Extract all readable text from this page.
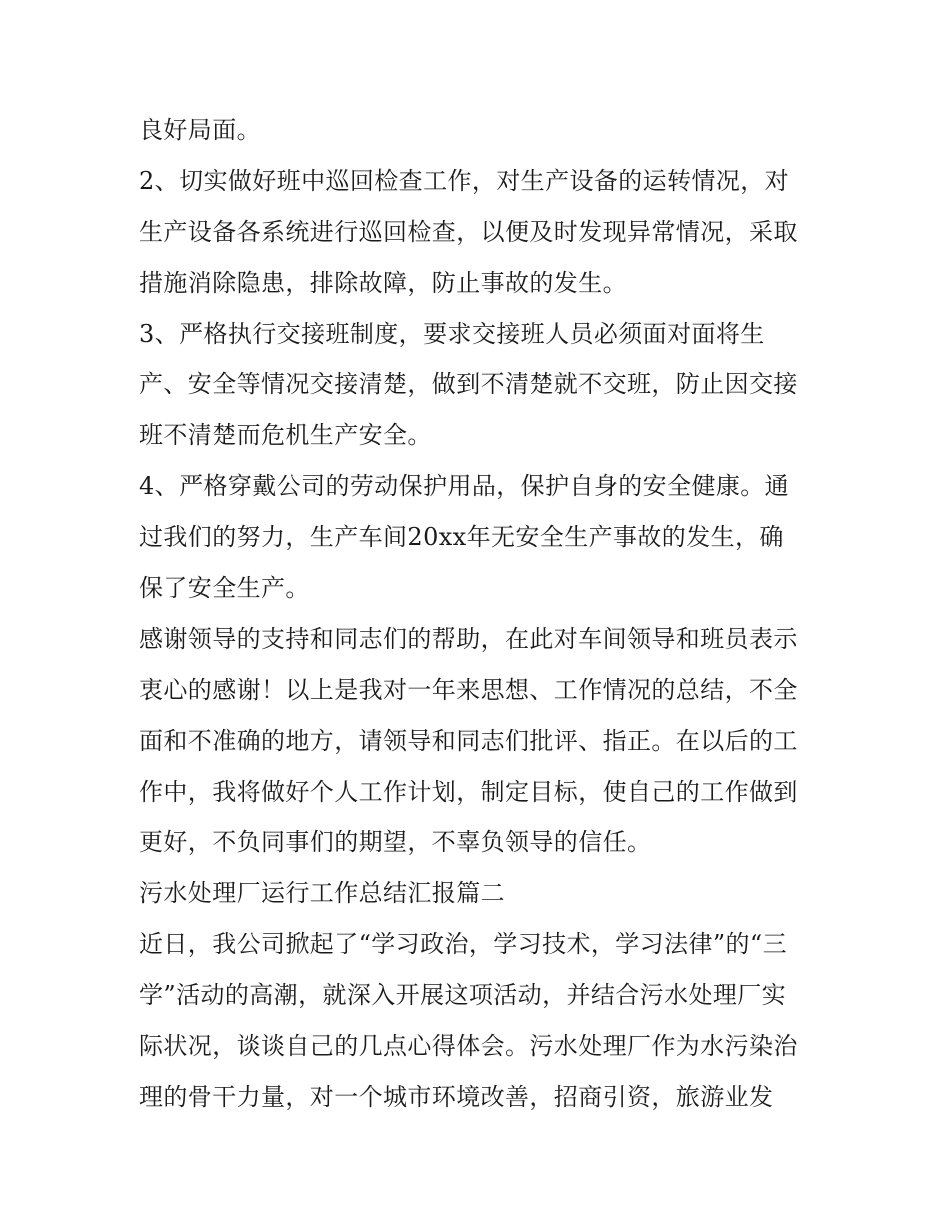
良好局面。
2、切实做好班中巡回检查工作，对生产设备的运转情况，对
生产设备各系统进行巡回检查，以便及时发现异常情况，采取
措施消除隐患，排除故障，防止事故的发生。
3、严格执行交接班制度，要求交接班人员必须面对面将生
产、安全等情况交接清楚，做到不清楚就不交班，防止因交接
班不清楚而危机生产安全。
4、严格穿戴公司的劳动保护用品，保护自身的安全健康。通
过我们的努力，生产车间20xx年无安全生产事故的发生，确
保了安全生产。
感谢领导的支持和同志们的帮助，在此对车间领导和班员表示
衷心的感谢！以上是我对一年来思想、工作情况的总结，不全
面和不准确的地方，请领导和同志们批评、指正。在以后的工
作中，我将做好个人工作计划，制定目标，使自己的工作做到
更好，不负同事们的期望，不辜负领导的信任。
污水处理厂运行工作总结汇报篇二
近日，我公司掀起了“学习政治，学习技术，学习法律”的“三
学”活动的高潮，就深入开展这项活动，并结合污水处理厂实
际状况，谈谈自己的几点心得体会。污水处理厂作为水污染治
理的骨干力量，对一个城市环境改善，招商引资，旅游业发
